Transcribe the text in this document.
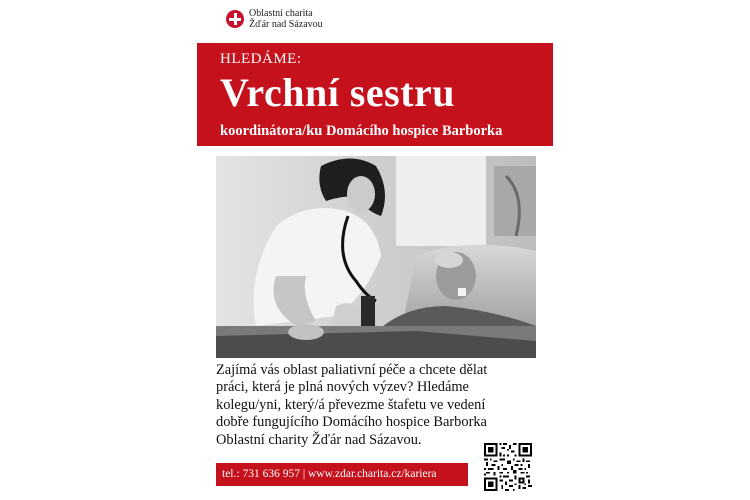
Oblastní charita
Žďár nad Sázavou
HLEDÁME:
Vrchní sestru
koordinátora/ku Domácího hospice Barborka
Zajímá vás oblast paliativní péče a chcete dělat
práci, která je plná nových výzev? Hledáme
kolegu/yni, který/á převezme štafetu ve vedení
dobře fungujícího Domácího hospice Barborka
Oblastní charity Žďár nad Sázavou.
tel.: 731 636 957 | www.zdar.charita.cz/kariera
